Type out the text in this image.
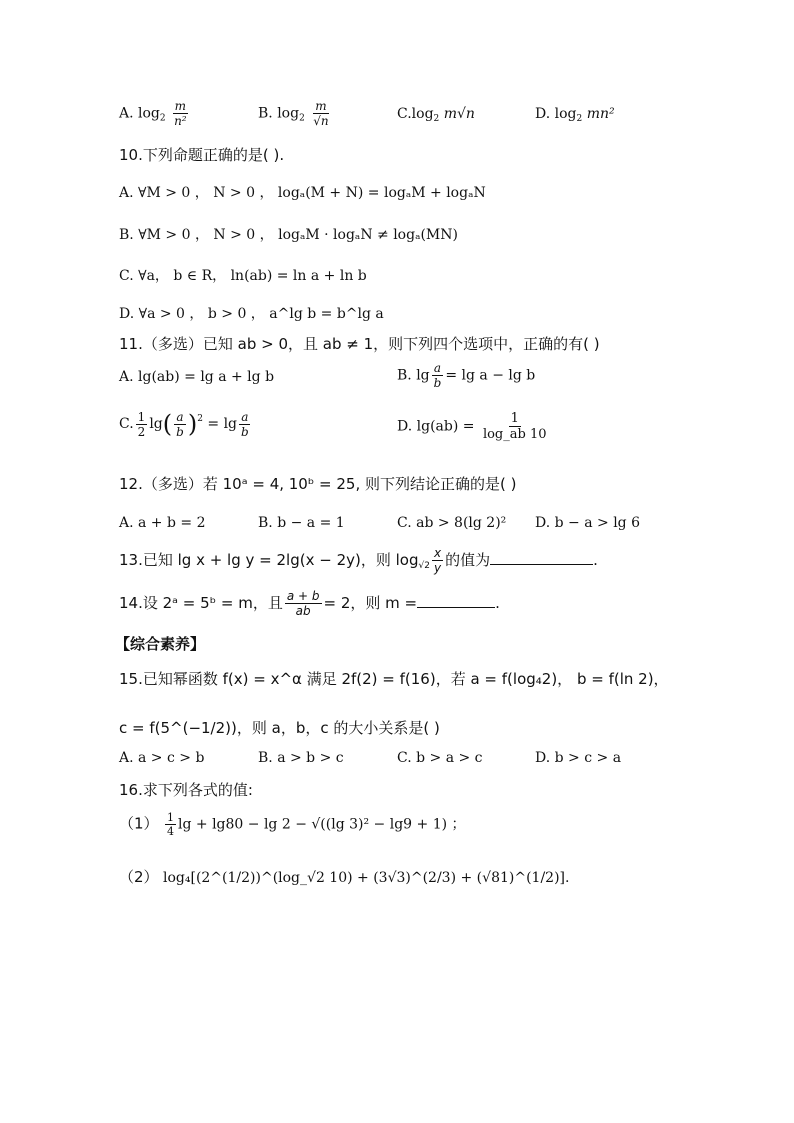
A. $\log_2 \frac{m}{\text{n²}}$	B. $\log_2 \frac{m}{√n}$	$C.\log_2$ m√n	D. $\log_2 mn^2$
10.下列命题正确的是( ).
A. ∀M > 0 ， N > 0 ， logₐ(M + N) = logₐM + logₐN
B. ∀M > 0 ， N > 0 ， logₐM · logₐN ≠ logₐ(MN)
C. ∀a， b ∈ R， ln(ab) = ln a + ln b
D. ∀a > 0 ， b > 0 ， a^lg b = b^lg a
11.（多选）已知 ab > 0，且 ab ≠ 1，则下列四个选项中，正确的有( )
A. lg(ab) = lg a + lg b	B. $\lg \frac{a}{b} = \lg a - \lg b$
C. $\frac{1}{2} \lg( \frac{a}{b} )^2 = \lg \frac{a}{b}$	D. $\lg(ab) = \frac{1}{\log\_ab 10}$
12.（多选）若 10ᵃ = 4, 10ᵇ = 25, 则下列结论正确的是( )
A. a + b = 2	B. b − a = 1	C. ab > 8(lg 2)² D. b − a > lg 6
13.已知 lg x + lg y = 2lg(x − 2y)，则 $\log_{√2} \frac{x}{y}$ 的值为	.
14.设 2ᵃ = 5ᵇ = m，且 $\frac{a + b}{ab} = 2$，则 m =	.
【综合素养】
15.已知幂函数 f(x) = x^α 满足 2f(2) = f(16)，若 a = f(log₄2)， b = f(ln 2)，
c = f(5^(−1/2))，则 a，b，c 的大小关系是( )
A. a > c > b	B. a > b > c	C. b > a > c	D. b > c > a
16.求下列各式的值:
$(1) \frac{1}{4}$ lg + lg80 − lg 2 − √((lg 3)² − lg9 + 1) ；
（2） log₄[(2^(1/2))^(log_√2 10) + (3√3)^(2/3) + (√81)^(1/2)].
